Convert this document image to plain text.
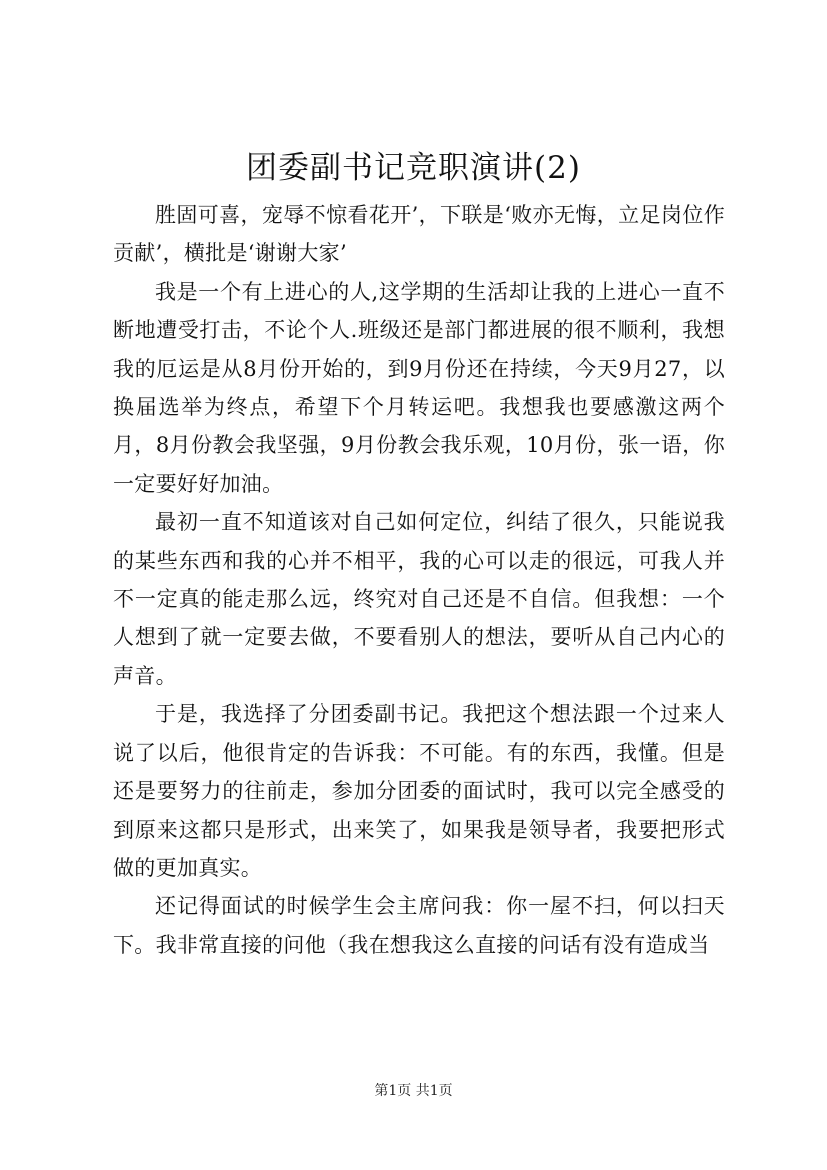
团委副书记竞职演讲(2)

胜固可喜，宠辱不惊看花开’，下联是‘败亦无悔，立足岗位作贡献’，横批是‘谢谢大家’

我是一个有上进心的人,这学期的生活却让我的上进心一直不断地遭受打击，不论个人.班级还是部门都进展的很不顺利，我想我的厄运是从8月份开始的，到9月份还在持续，今天9月27，以换届选举为终点，希望下个月转运吧。我想我也要感激这两个月，8月份教会我坚强，9月份教会我乐观，10月份，张一语，你一定要好好加油。

最初一直不知道该对自己如何定位，纠结了很久，只能说我的某些东西和我的心并不相平，我的心可以走的很远，可我人并不一定真的能走那么远，终究对自己还是不自信。但我想：一个人想到了就一定要去做，不要看别人的想法，要听从自己内心的声音。

于是，我选择了分团委副书记。我把这个想法跟一个过来人说了以后，他很肯定的告诉我：不可能。有的东西，我懂。但是还是要努力的往前走，参加分团委的面试时，我可以完全感受的到原来这都只是形式，出来笑了，如果我是领导者，我要把形式做的更加真实。

还记得面试的时候学生会主席问我：你一屋不扫，何以扫天下。我非常直接的问他（我在想我这么直接的问话有没有造成当

第1页 共1页
